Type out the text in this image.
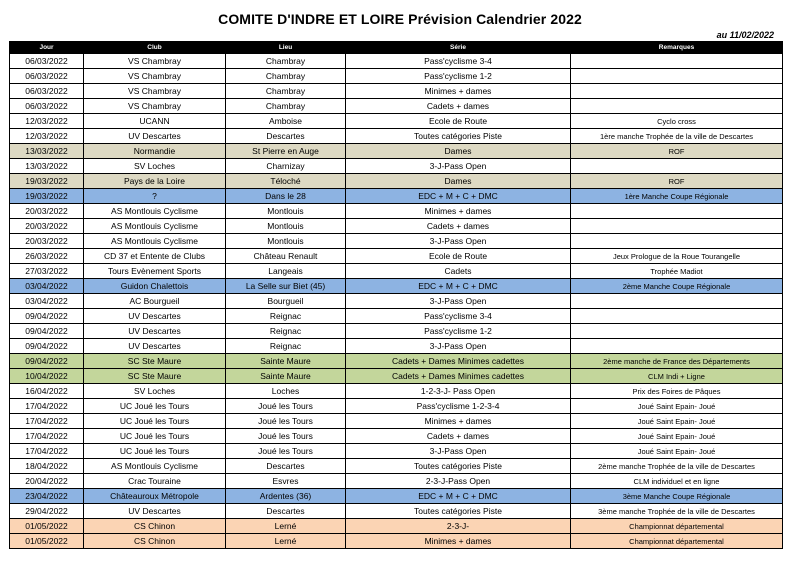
COMITE D'INDRE ET LOIRE Prévision Calendrier 2022
au 11/02/2022
Jour	Club	Lieu	Série	Remarques
06/03/2022	VS Chambray	Chambray	Pass'cyclisme 3-4	
06/03/2022	VS Chambray	Chambray	Pass'cyclisme 1-2	
06/03/2022	VS Chambray	Chambray	Minimes + dames	
06/03/2022	VS Chambray	Chambray	Cadets + dames	
12/03/2022	UCANN	Amboise	Ecole de Route	Cyclo cross
12/03/2022	UV Descartes	Descartes	Toutes catégories Piste	1ère manche Trophée de la ville de Descartes
13/03/2022	Normandie	St Pierre en Auge	Dames	ROF
13/03/2022	SV Loches	Charnizay	3-J-Pass Open	
19/03/2022	Pays de la Loire	Téloché	Dames	ROF
19/03/2022	?	Dans le 28	EDC + M + C + DMC	1ère Manche Coupe Régionale
20/03/2022	AS Montlouis Cyclisme	Montlouis	Minimes + dames	
20/03/2022	AS Montlouis Cyclisme	Montlouis	Cadets + dames	
20/03/2022	AS Montlouis Cyclisme	Montlouis	3-J-Pass Open	
26/03/2022	CD 37 et Entente de Clubs	Château Renault	Ecole de Route	Jeux Prologue de la Roue Tourangelle
27/03/2022	Tours Evènement Sports	Langeais	Cadets	Trophée Madiot
03/04/2022	Guidon Chalettois	La Selle sur Biet (45)	EDC + M + C + DMC	2ème Manche Coupe Régionale
03/04/2022	AC Bourgueil	Bourgueil	3-J-Pass Open	
09/04/2022	UV Descartes	Reignac	Pass'cyclisme 3-4	
09/04/2022	UV Descartes	Reignac	Pass'cyclisme 1-2	
09/04/2022	UV Descartes	Reignac	3-J-Pass Open	
09/04/2022	SC Ste Maure	Sainte Maure	Cadets + Dames Minimes cadettes	2ème manche de France des Départements
10/04/2022	SC Ste Maure	Sainte Maure	Cadets + Dames Minimes cadettes	CLM Indi + Ligne
16/04/2022	SV Loches	Loches	1-2-3-J- Pass Open	Prix des Foires de Pâques
17/04/2022	UC Joué les Tours	Joué les Tours	Pass'cyclisme 1-2-3-4	Joué Saint Epain- Joué
17/04/2022	UC Joué les Tours	Joué les Tours	Minimes + dames	Joué Saint Epain- Joué
17/04/2022	UC Joué les Tours	Joué les Tours	Cadets + dames	Joué Saint Epain- Joué
17/04/2022	UC Joué les Tours	Joué les Tours	3-J-Pass Open	Joué Saint Epain- Joué
18/04/2022	AS Montlouis Cyclisme	Descartes	Toutes catégories Piste	2ème manche Trophée de la ville de Descartes
20/04/2022	Crac Touraine	Esvres	2-3-J-Pass Open	CLM individuel et en ligne
23/04/2022	Châteauroux Métropole	Ardentes (36)	EDC + M + C + DMC	3ème Manche Coupe Régionale
29/04/2022	UV Descartes	Descartes	Toutes catégories Piste	3ème manche Trophée de la ville de Descartes
01/05/2022	CS Chinon	Lerné	2-3-J-	Championnat départemental
01/05/2022	CS Chinon	Lerné	Minimes + dames	Championnat départemental
